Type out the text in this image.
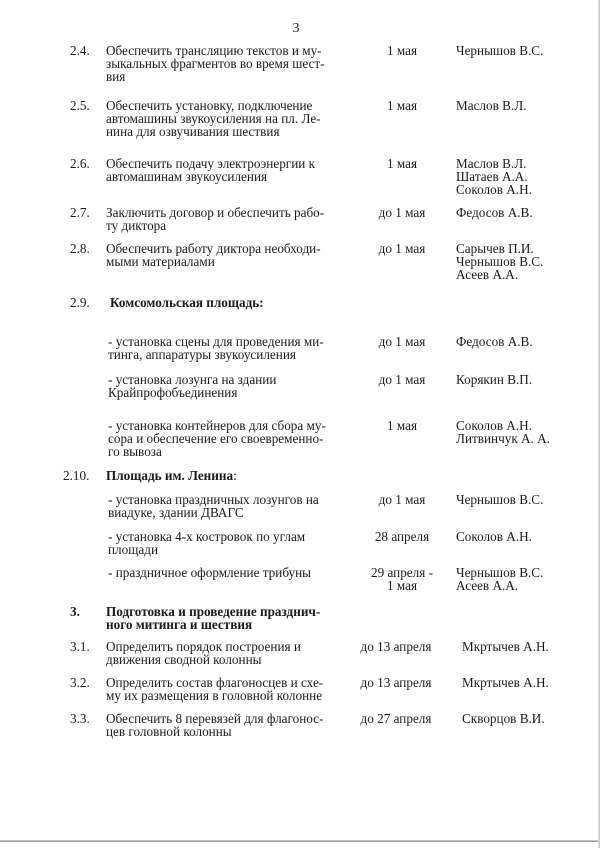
3
2.4. Обеспечить трансляцию текстов и му-
зыкальных фрагментов во время шест-
вия
1 мая	Чернышов В.С.
2.5. Обеспечить установку, подключение
автомашины звукоусиления на пл. Ле-
нина для озвучивания шествия
1 мая	Маслов В.Л.
2.6. Обеспечить подачу электроэнергии к
автомашинам звукоусиления
1 мая	Маслов В.Л.
Шатаев А.А.
Соколов А.Н.
2.7. Заключить договор и обеспечить рабо-
ту диктора
до 1 мая	Федосов А.В.
2.8. Обеспечить работу диктора необходи-
мыми материалами
до 1 мая	Сарычев П.И.
Чернышов В.С.
Асеев А.А.
2.9. Комсомольская площадь:
- установка сцены для проведения ми-
тинга, аппаратуры звукоусиления
до 1 мая	Федосов А.В.
- установка лозунга на здании
Крайпрофобъединения
до 1 мая	Корякин В.П.
- установка контейнеров для сбора му-
сора и обеспечение его своевременно-
го вывоза
1 мая	Соколов А.Н.
Литвинчук А. А.
2.10. Площадь им. Ленина:
- установка праздничных лозунгов на
виадуке, здании ДВАГС
до 1 мая	Чернышов В.С.
- установка 4-х костровок по углам
площади
28 апреля	Соколов А.Н.
- праздничное оформление трибуны	29 апреля -
1 мая
Чернышов В.С.
Асеев А.А.
3. Подготовка и проведение празднич-
ного митинга и шествия
3.1. Определить порядок построения и
движения сводной колонны
до 13 апреля	Мкртычев А.Н.
3.2. Определить состав флагоносцев и схе-
му их размещения в головной колонне
до 13 апреля	Мкртычев А.Н.
3.3. Обеспечить 8 перевязей для флагонос-
цев головной колонны
до 27 апреля	Скворцов В.И.
